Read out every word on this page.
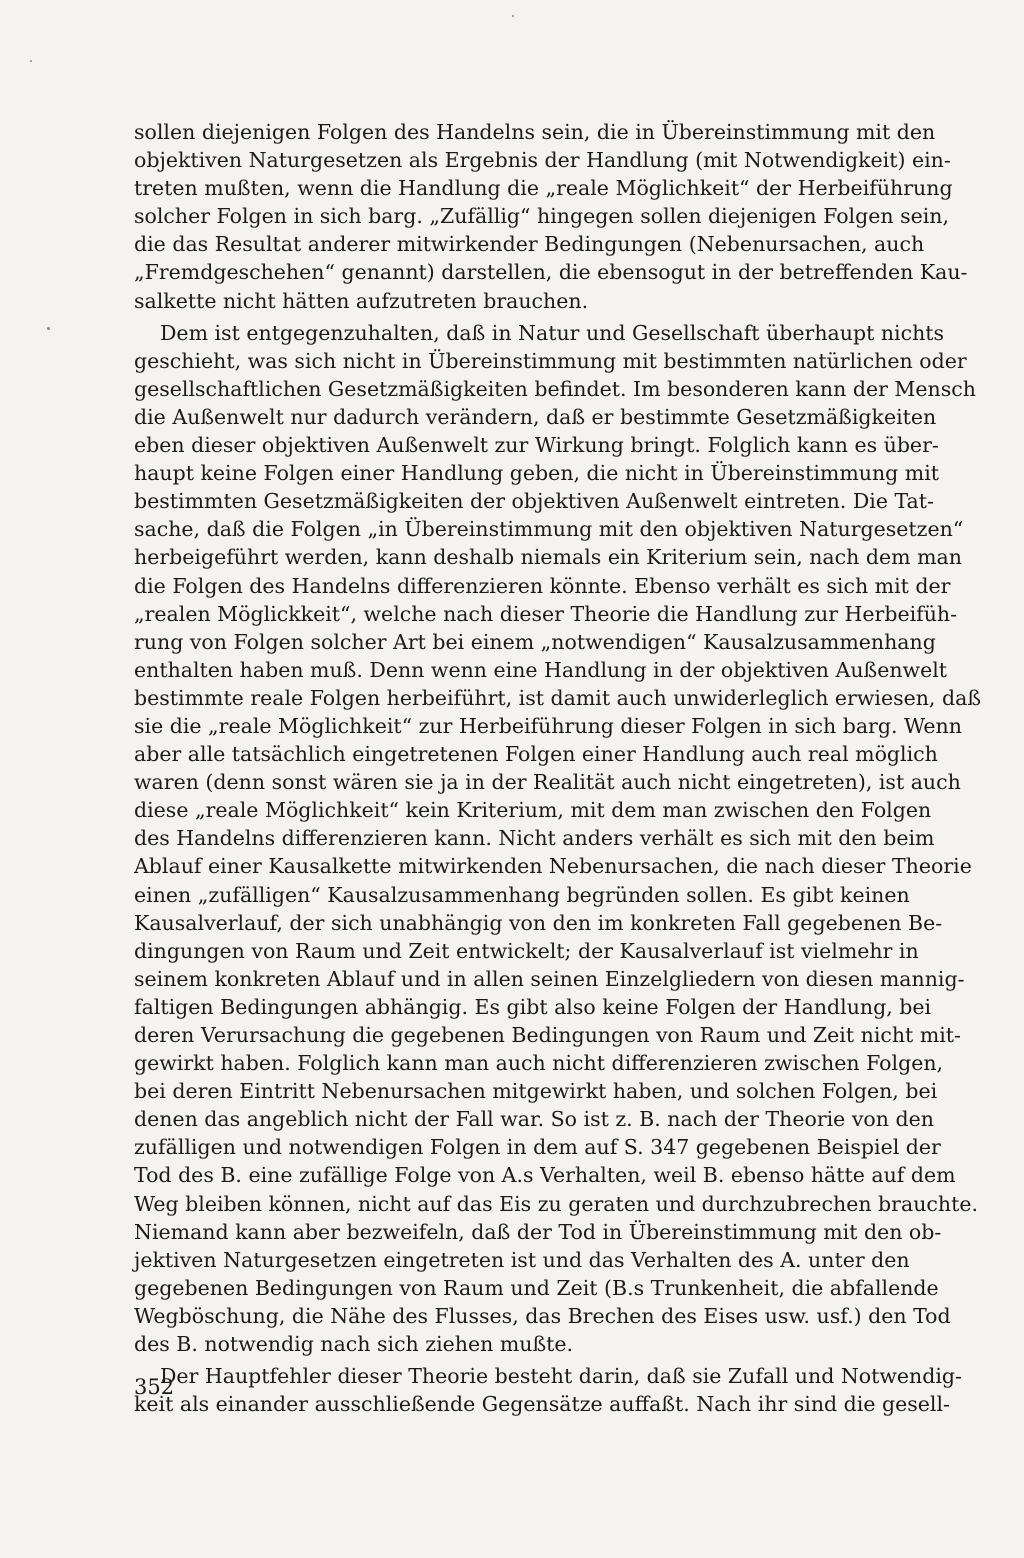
sollen diejenigen Folgen des Handelns sein, die in Übereinstimmung mit den
objektiven Naturgesetzen als Ergebnis der Handlung (mit Notwendigkeit) ein-
treten mußten, wenn die Handlung die „reale Möglichkeit“ der Herbeiführung
solcher Folgen in sich barg. „Zufällig“ hingegen sollen diejenigen Folgen sein,
die das Resultat anderer mitwirkender Bedingungen (Nebenursachen, auch
„Fremdgeschehen“ genannt) darstellen, die ebensogut in der betreffenden Kau-
salkette nicht hätten aufzutreten brauchen.
Dem ist entgegenzuhalten, daß in Natur und Gesellschaft überhaupt nichts
geschieht, was sich nicht in Übereinstimmung mit bestimmten natürlichen oder
gesellschaftlichen Gesetzmäßigkeiten befindet. Im besonderen kann der Mensch
die Außenwelt nur dadurch verändern, daß er bestimmte Gesetzmäßigkeiten
eben dieser objektiven Außenwelt zur Wirkung bringt. Folglich kann es über-
haupt keine Folgen einer Handlung geben, die nicht in Übereinstimmung mit
bestimmten Gesetzmäßigkeiten der objektiven Außenwelt eintreten. Die Tat-
sache, daß die Folgen „in Übereinstimmung mit den objektiven Naturgesetzen“
herbeigeführt werden, kann deshalb niemals ein Kriterium sein, nach dem man
die Folgen des Handelns differenzieren könnte. Ebenso verhält es sich mit der
„realen Möglickkeit“, welche nach dieser Theorie die Handlung zur Herbeifüh-
rung von Folgen solcher Art bei einem „notwendigen“ Kausalzusammenhang
enthalten haben muß. Denn wenn eine Handlung in der objektiven Außenwelt
bestimmte reale Folgen herbeiführt, ist damit auch unwiderleglich erwiesen, daß
sie die „reale Möglichkeit“ zur Herbeiführung dieser Folgen in sich barg. Wenn
aber alle tatsächlich eingetretenen Folgen einer Handlung auch real möglich
waren (denn sonst wären sie ja in der Realität auch nicht eingetreten), ist auch
diese „reale Möglichkeit“ kein Kriterium, mit dem man zwischen den Folgen
des Handelns differenzieren kann. Nicht anders verhält es sich mit den beim
Ablauf einer Kausalkette mitwirkenden Nebenursachen, die nach dieser Theorie
einen „zufälligen“ Kausalzusammenhang begründen sollen. Es gibt keinen
Kausalverlauf, der sich unabhängig von den im konkreten Fall gegebenen Be-
dingungen von Raum und Zeit entwickelt; der Kausalverlauf ist vielmehr in
seinem konkreten Ablauf und in allen seinen Einzelgliedern von diesen mannig-
faltigen Bedingungen abhängig. Es gibt also keine Folgen der Handlung, bei
deren Verursachung die gegebenen Bedingungen von Raum und Zeit nicht mit-
gewirkt haben. Folglich kann man auch nicht differenzieren zwischen Folgen,
bei deren Eintritt Nebenursachen mitgewirkt haben, und solchen Folgen, bei
denen das angeblich nicht der Fall war. So ist z. B. nach der Theorie von den
zufälligen und notwendigen Folgen in dem auf S. 347 gegebenen Beispiel der
Tod des B. eine zufällige Folge von A.s Verhalten, weil B. ebenso hätte auf dem
Weg bleiben können, nicht auf das Eis zu geraten und durchzubrechen brauchte.
Niemand kann aber bezweifeln, daß der Tod in Übereinstimmung mit den ob-
jektiven Naturgesetzen eingetreten ist und das Verhalten des A. unter den
gegebenen Bedingungen von Raum und Zeit (B.s Trunkenheit, die abfallende
Wegböschung, die Nähe des Flusses, das Brechen des Eises usw. usf.) den Tod
des B. notwendig nach sich ziehen mußte.
Der Hauptfehler dieser Theorie besteht darin, daß sie Zufall und Notwendig-
keit als einander ausschließende Gegensätze auffaßt. Nach ihr sind die gesell-
352
